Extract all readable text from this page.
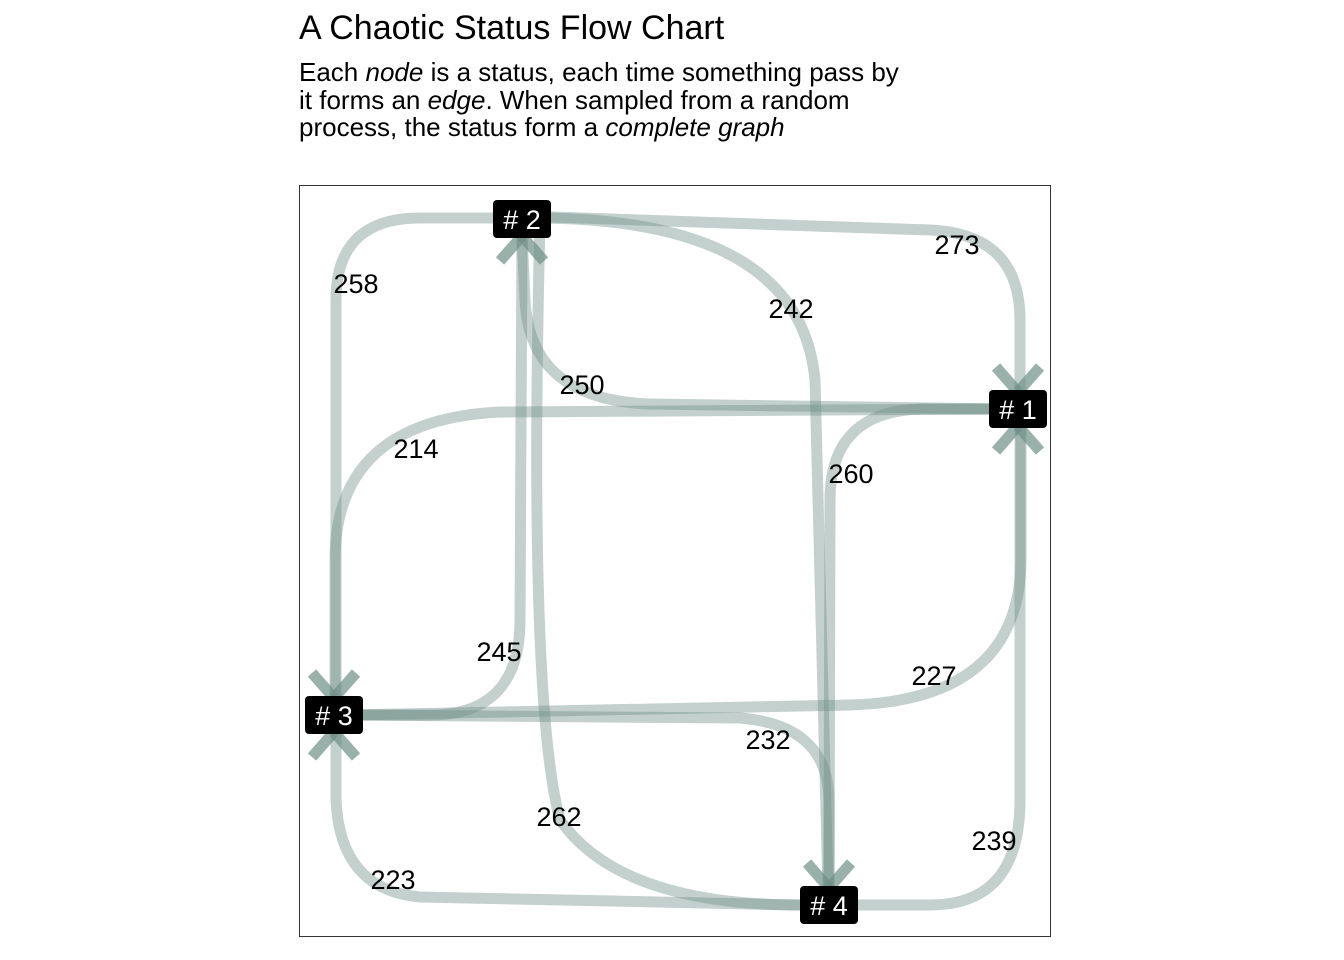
A Chaotic Status Flow Chart
Each node is a status, each time something pass by it forms an edge. When sampled from a random process, the status form a complete graph
# 1
# 2
# 3
# 4
273
258
242
250
214
260
245
227
232
262
239
223
